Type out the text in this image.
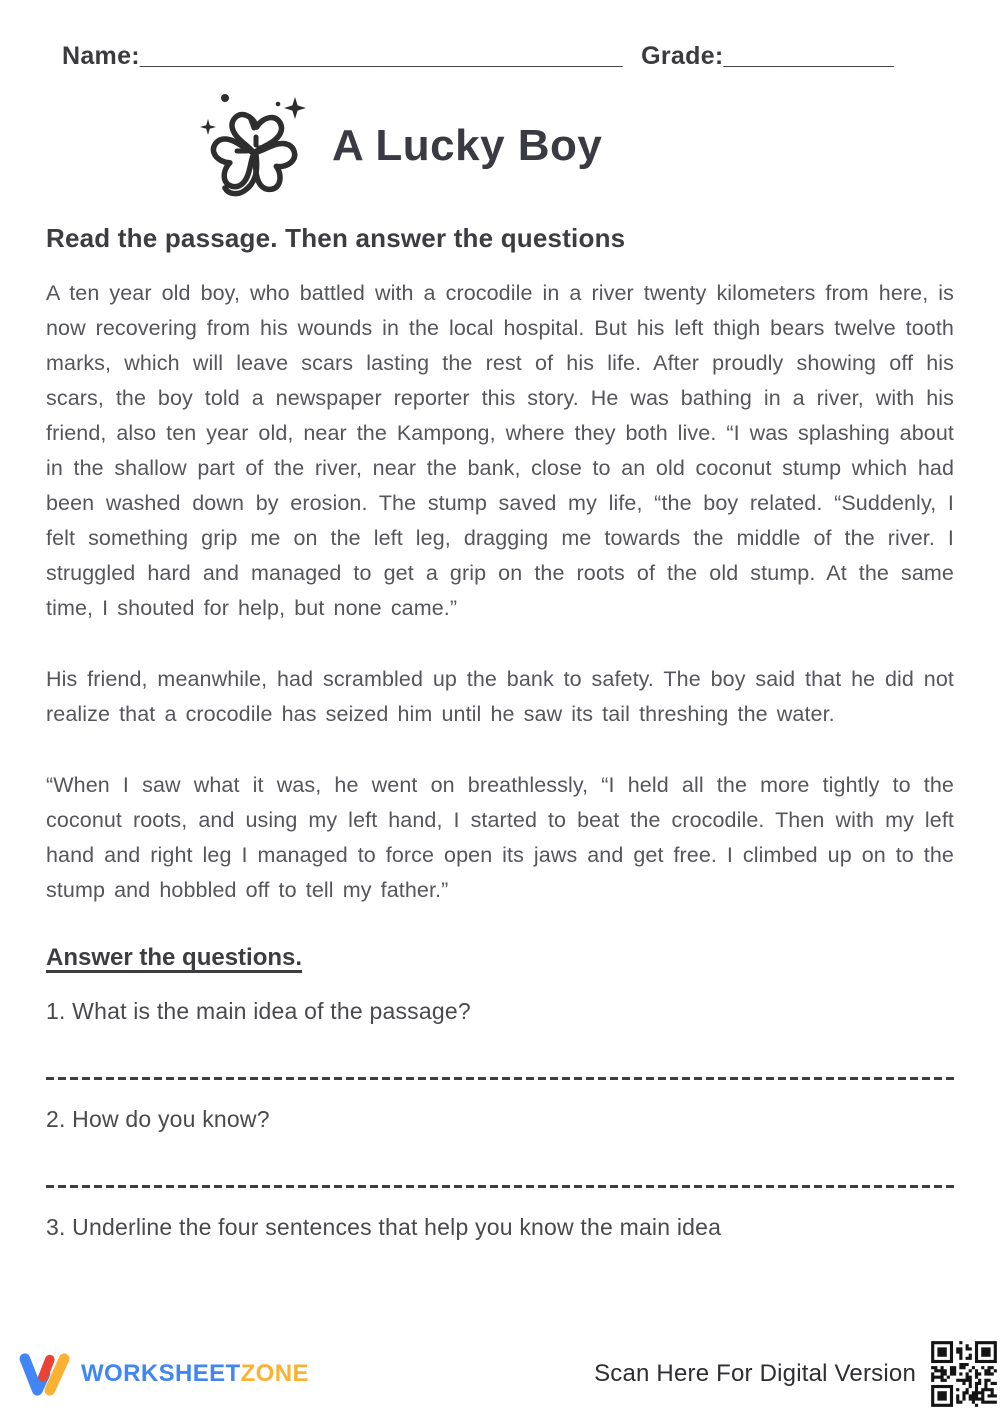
Name:__________________________________ Grade:____________
A Lucky Boy
Read the passage. Then answer the questions

A ten year old boy, who battled with a crocodile in a river twenty kilometers from here, is now recovering from his wounds in the local hospital. But his left thigh bears twelve tooth marks, which will leave scars lasting the rest of his life. After proudly showing off his scars, the boy told a newspaper reporter this story. He was bathing in a river, with his friend, also ten year old, near the Kampong, where they both live. “I was splashing about in the shallow part of the river, near the bank, close to an old coconut stump which had been washed down by erosion. The stump saved my life, “the boy related. “Suddenly, I felt something grip me on the left leg, dragging me towards the middle of the river. I struggled hard and managed to get a grip on the roots of the old stump. At the same time, I shouted for help, but none came.”

His friend, meanwhile, had scrambled up the bank to safety. The boy said that he did not realize that a crocodile has seized him until he saw its tail threshing the water.

“When I saw what it was, he went on breathlessly, “I held all the more tightly to the coconut roots, and using my left hand, I started to beat the crocodile. Then with my left hand and right leg I managed to force open its jaws and get free. I climbed up on to the stump and hobbled off to tell my father.”

Answer the questions.
1. What is the main idea of the passage?
2. How do you know?
3. Underline the four sentences that help you know the main idea
WORKSHEETZONE	Scan Here For Digital Version
